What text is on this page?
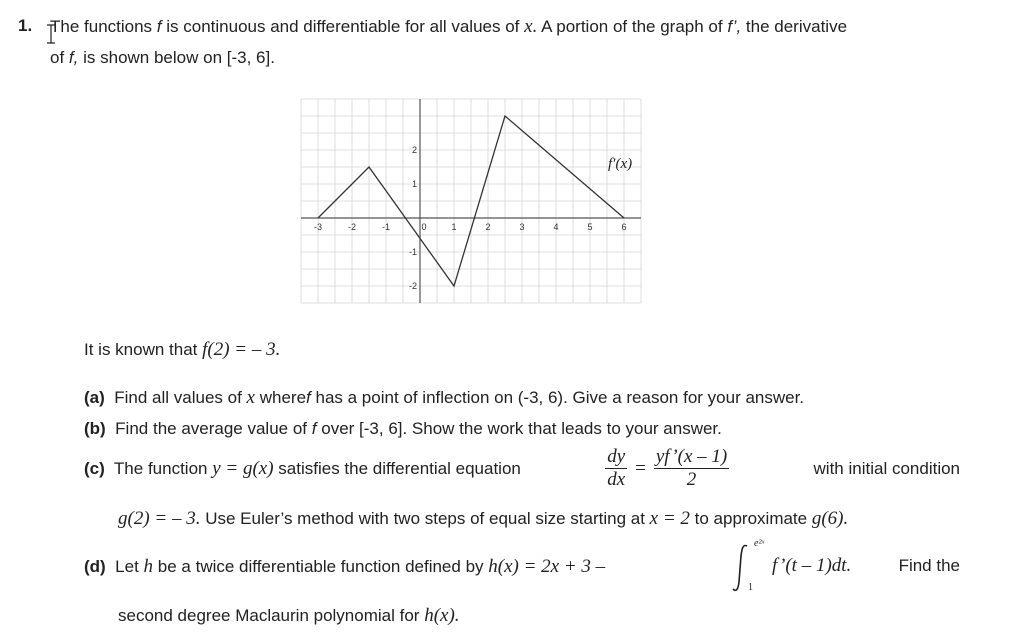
1. The functions f is continuous and differentiable for all values of x. A portion of the graph of f’, the derivative
of f, is shown below on [-3, 6].
-3	-2	-1	0	1	2	3	4	5	6
2
1
-1
-2
f′(x)
It is known that f(2) = – 3.
(a) Find all values of x wheref has a point of inflection on (-3, 6). Give a reason for your answer.
(b) Find the average value of f over [-3, 6]. Show the work that leads to your answer.
(c) The function y = g(x) satisfies the differential equation	$\frac{dy}{dx} = \frac{yf’(x - 1)}{2}$	with initial condition
g(2) = – 3. Use Euler’s method with two steps of equal size starting at x = 2 to approximate g(6).
(d) Let h be a twice differentiable function defined by h(x) = 2x + 3 –
e²ˣ
1
f’(t – 1)dt.	Find the
second degree Maclaurin polynomial for h(x).
